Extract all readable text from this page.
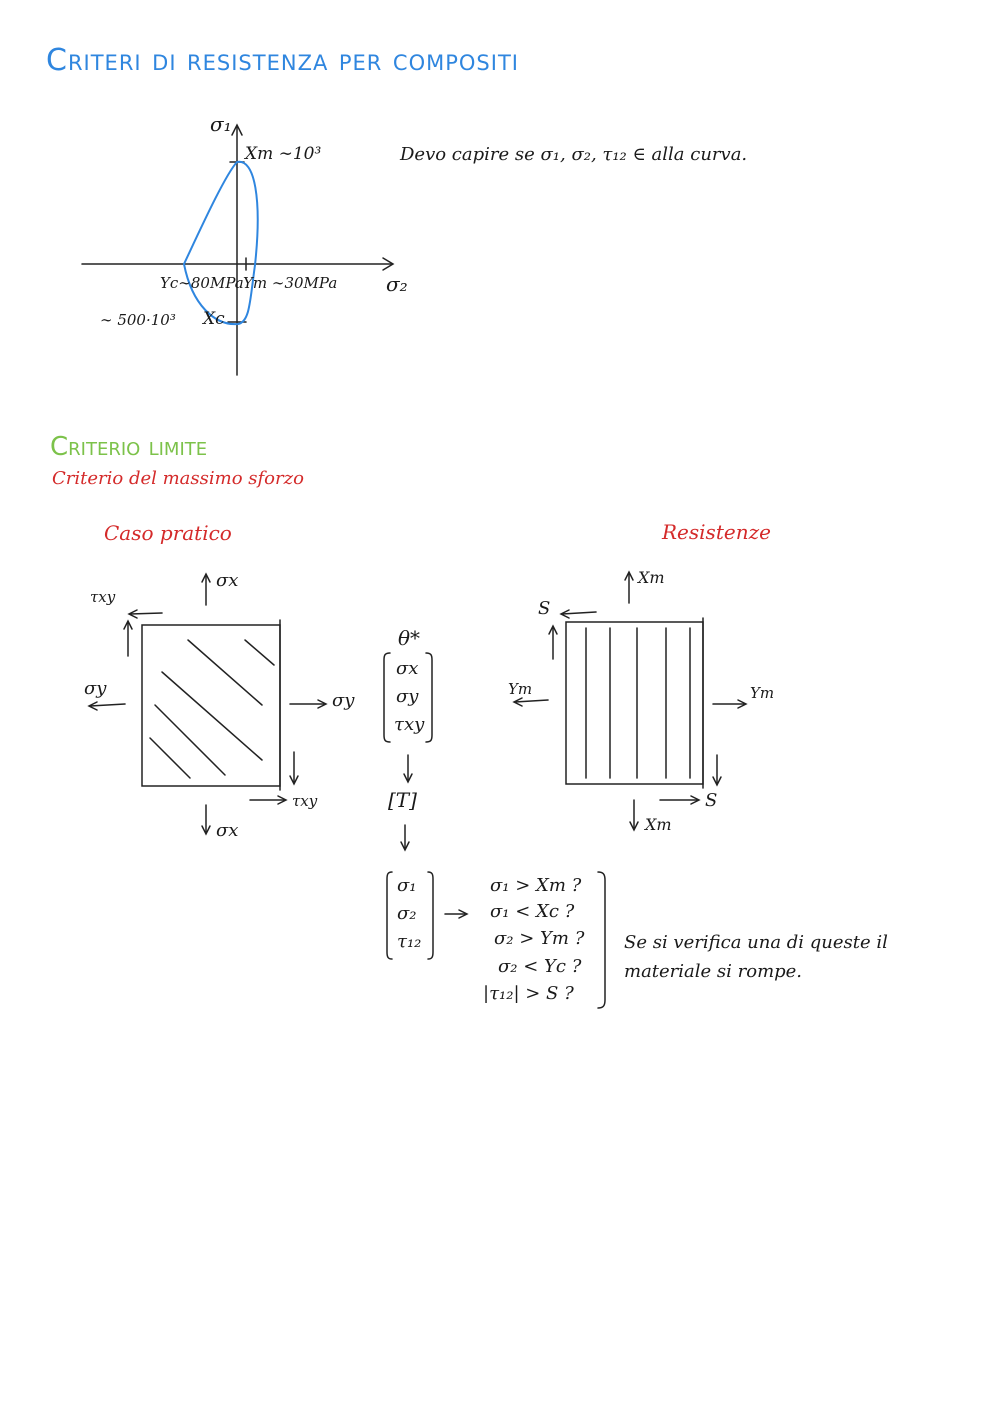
Criteri di resistenza per compositi
σ₁
σ₂
Xт ∼10³
Yc∼80MPa Yт ∼30MPa
∼ 500·10³ Xc
Devo capire se σ₁, σ₂, τ₁₂ ∈ alla curva.
Criterio limite
Criterio del massimo sforzo
Caso pratico	Resistenze
σx
σx
σy
σy
τxy
τxy
θ*
σx
σy
τxy
[T]
σ₁
σ₂
τ₁₂
σ₁ > Xт ?
σ₁ < Xc ?
σ₂ > Yт ?
σ₂ < Yc ?
|τ₁₂| > S ?
Se si verifica una di queste il
materiale si rompe.
Xт
Xт
Yт	Yт
S
S
